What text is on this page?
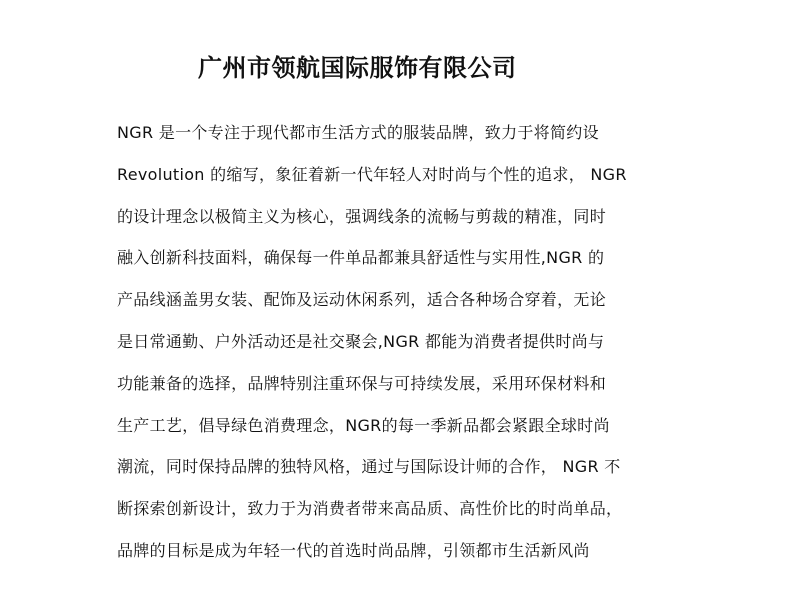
广州市领航国际服饰有限公司
NGR 是一个专注于现代都市生活方式的服装品牌，致力于将简约设
Revolution 的缩写，象征着新一代年轻人对时尚与个性的追求， NGR
的设计理念以极简主义为核心，强调线条的流畅与剪裁的精准，同时
融入创新科技面料，确保每一件单品都兼具舒适性与实用性,NGR 的
产品线涵盖男女装、配饰及运动休闲系列，适合各种场合穿着，无论
是日常通勤、户外活动还是社交聚会,NGR 都能为消费者提供时尚与
功能兼备的选择，品牌特别注重环保与可持续发展，采用环保材料和
生产工艺，倡导绿色消费理念，NGR的每一季新品都会紧跟全球时尚
潮流，同时保持品牌的独特风格，通过与国际设计师的合作， NGR 不
断探索创新设计，致力于为消费者带来高品质、高性价比的时尚单品，
品牌的目标是成为年轻一代的首选时尚品牌，引领都市生活新风尚
